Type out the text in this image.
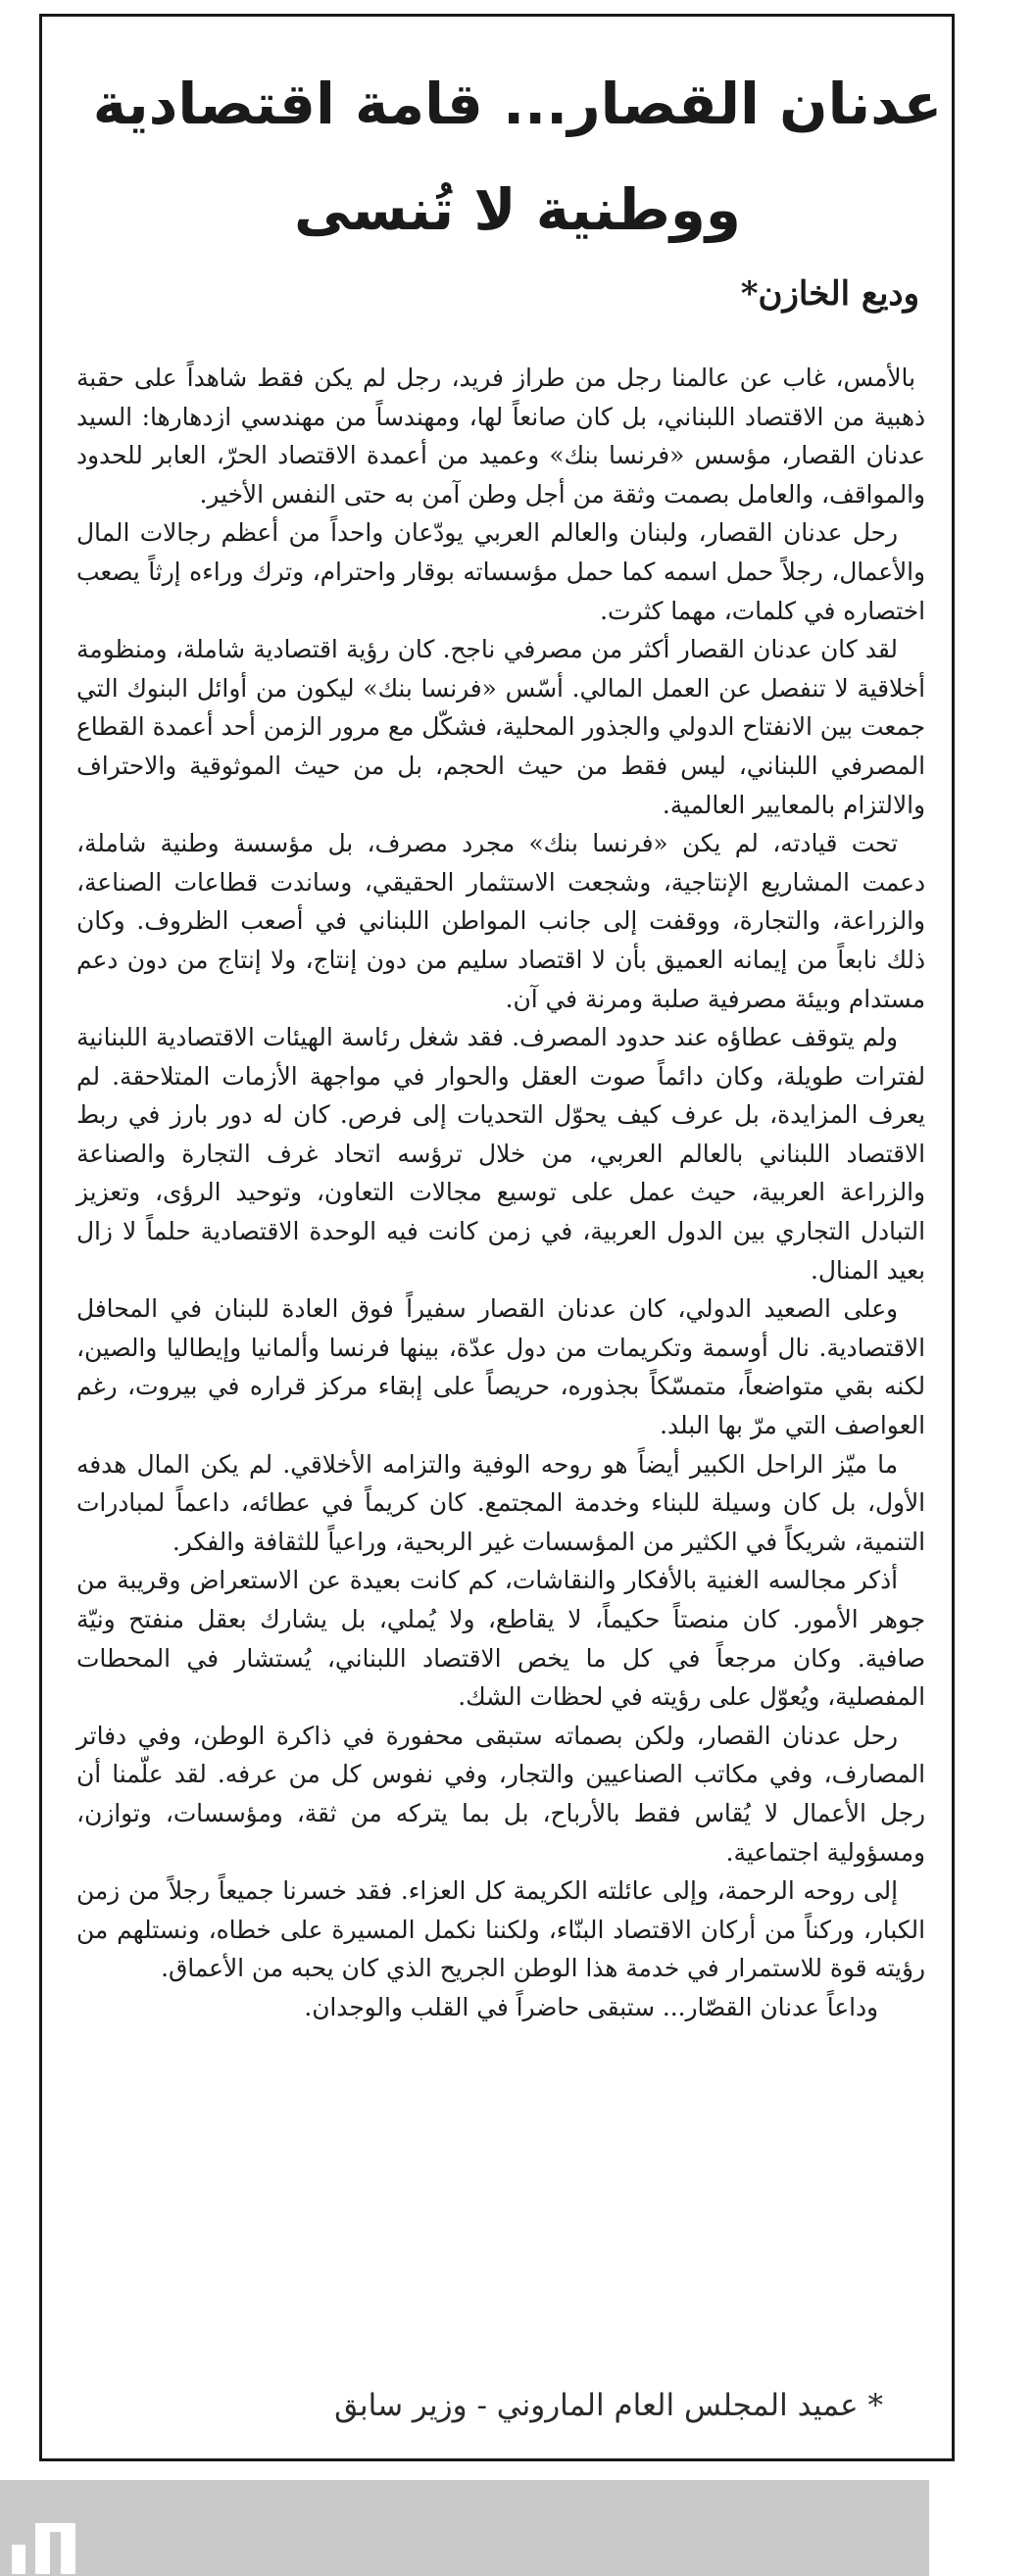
عدنان القصار... قامة اقتصادية
ووطنية لا تُنسى
وديع الخازن*

بالأمس، غاب عن عالمنا رجل من طراز فريد، رجل لم يكن فقط شاهداً على حقبة ذهبية من الاقتصاد اللبناني، بل كان صانعاً لها، ومهندساً من مهندسي ازدهارها: السيد عدنان القصار، مؤسس «فرنسا بنك» وعميد من أعمدة الاقتصاد الحرّ، العابر للحدود والمواقف، والعامل بصمت وثقة من أجل وطن آمن به حتى النفس الأخير.

رحل عدنان القصار، ولبنان والعالم العربي يودّعان واحداً من أعظم رجالات المال والأعمال، رجلاً حمل اسمه كما حمل مؤسساته بوقار واحترام، وترك وراءه إرثاً يصعب اختصاره في كلمات، مهما كثرت.

لقد كان عدنان القصار أكثر من مصرفي ناجح. كان رؤية اقتصادية شاملة، ومنظومة أخلاقية لا تنفصل عن العمل المالي. أسّس «فرنسا بنك» ليكون من أوائل البنوك التي جمعت بين الانفتاح الدولي والجذور المحلية، فشكّل مع مرور الزمن أحد أعمدة القطاع المصرفي اللبناني، ليس فقط من حيث الحجم، بل من حيث الموثوقية والاحتراف والالتزام بالمعايير العالمية.

تحت قيادته، لم يكن «فرنسا بنك» مجرد مصرف، بل مؤسسة وطنية شاملة، دعمت المشاريع الإنتاجية، وشجعت الاستثمار الحقيقي، وساندت قطاعات الصناعة، والزراعة، والتجارة، ووقفت إلى جانب المواطن اللبناني في أصعب الظروف. وكان ذلك نابعاً من إيمانه العميق بأن لا اقتصاد سليم من دون إنتاج، ولا إنتاج من دون دعم مستدام وبيئة مصرفية صلبة ومرنة في آن.

ولم يتوقف عطاؤه عند حدود المصرف. فقد شغل رئاسة الهيئات الاقتصادية اللبنانية لفترات طويلة، وكان دائماً صوت العقل والحوار في مواجهة الأزمات المتلاحقة. لم يعرف المزايدة، بل عرف كيف يحوّل التحديات إلى فرص. كان له دور بارز في ربط الاقتصاد اللبناني بالعالم العربي، من خلال ترؤسه اتحاد غرف التجارة والصناعة والزراعة العربية، حيث عمل على توسيع مجالات التعاون، وتوحيد الرؤى، وتعزيز التبادل التجاري بين الدول العربية، في زمن كانت فيه الوحدة الاقتصادية حلماً لا زال بعيد المنال.

وعلى الصعيد الدولي، كان عدنان القصار سفيراً فوق العادة للبنان في المحافل الاقتصادية. نال أوسمة وتكريمات من دول عدّة، بينها فرنسا وألمانيا وإيطاليا والصين، لكنه بقي متواضعاً، متمسّكاً بجذوره، حريصاً على إبقاء مركز قراره في بيروت، رغم العواصف التي مرّ بها البلد.

ما ميّز الراحل الكبير أيضاً هو روحه الوفية والتزامه الأخلاقي. لم يكن المال هدفه الأول، بل كان وسيلة للبناء وخدمة المجتمع. كان كريماً في عطائه، داعماً لمبادرات التنمية، شريكاً في الكثير من المؤسسات غير الربحية، وراعياً للثقافة والفكر.

أذكر مجالسه الغنية بالأفكار والنقاشات، كم كانت بعيدة عن الاستعراض وقريبة من جوهر الأمور. كان منصتاً حكيماً، لا يقاطع، ولا يُملي، بل يشارك بعقل منفتح ونيّة صافية. وكان مرجعاً في كل ما يخص الاقتصاد اللبناني، يُستشار في المحطات المفصلية، ويُعوّل على رؤيته في لحظات الشك.

رحل عدنان القصار، ولكن بصماته ستبقى محفورة في ذاكرة الوطن، وفي دفاتر المصارف، وفي مكاتب الصناعيين والتجار، وفي نفوس كل من عرفه. لقد علّمنا أن رجل الأعمال لا يُقاس فقط بالأرباح، بل بما يتركه من ثقة، ومؤسسات، وتوازن، ومسؤولية اجتماعية.

إلى روحه الرحمة، وإلى عائلته الكريمة كل العزاء. فقد خسرنا جميعاً رجلاً من زمن الكبار، وركناً من أركان الاقتصاد البنّاء، ولكننا نكمل المسيرة على خطاه، ونستلهم من رؤيته قوة للاستمرار في خدمة هذا الوطن الجريح الذي كان يحبه من الأعماق.

وداعاً عدنان القصّار... ستبقى حاضراً في القلب والوجدان.

* عميد المجلس العام الماروني - وزير سابق
